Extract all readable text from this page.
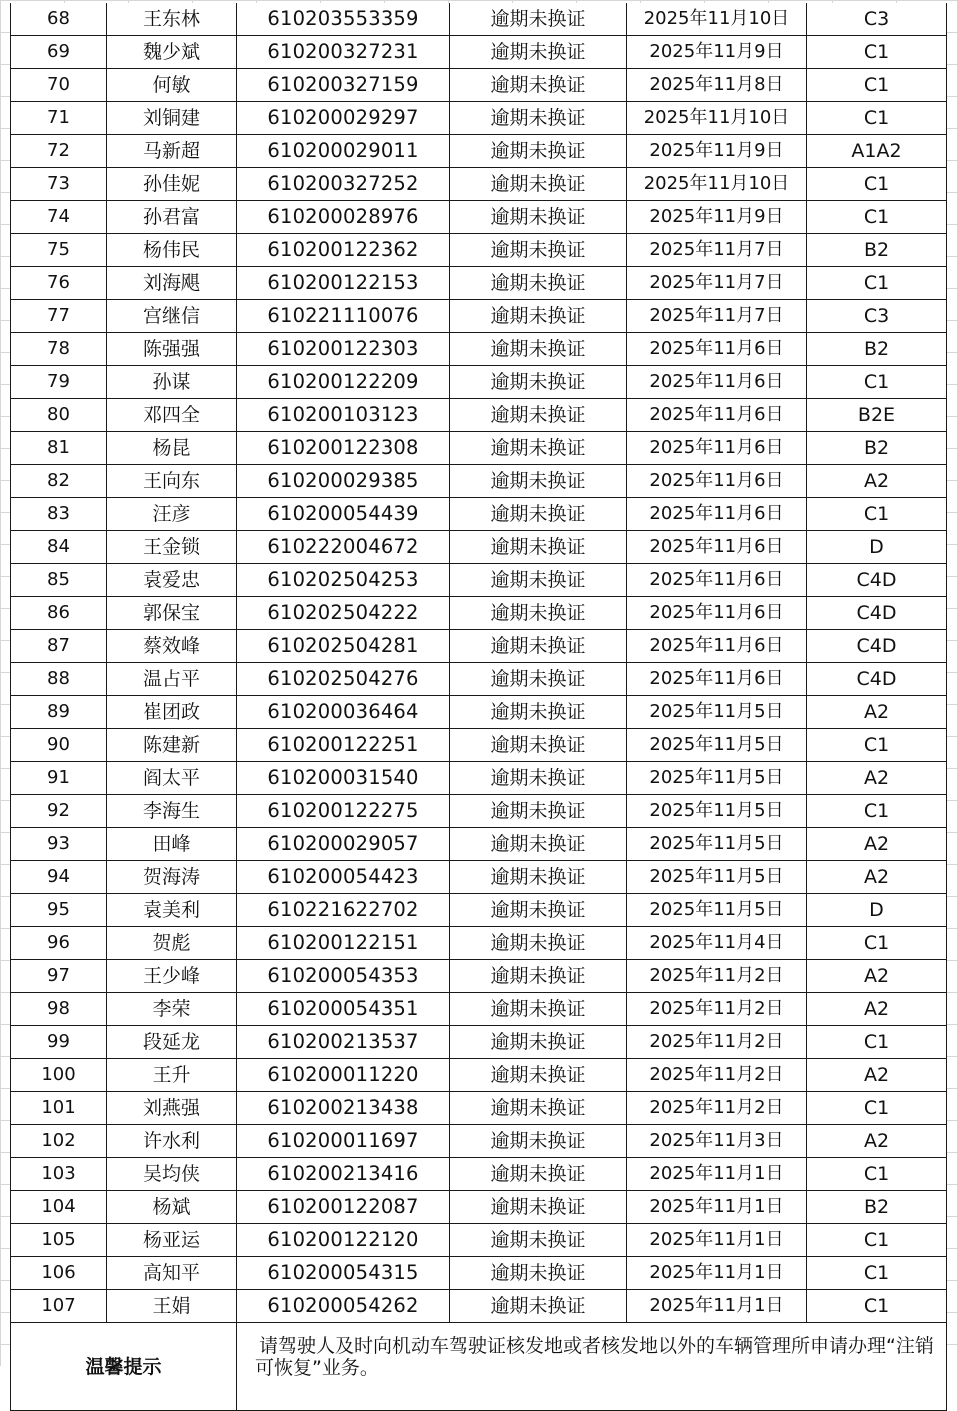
68	王东林	610203553359	逾期未换证	2025年11月10日	C3
69	魏少斌	610200327231	逾期未换证	2025年11月9日	C1
70	何敏	610200327159	逾期未换证	2025年11月8日	C1
71	刘铜建	610200029297	逾期未换证	2025年11月10日	C1
72	马新超	610200029011	逾期未换证	2025年11月9日	A1A2
73	孙佳妮	610200327252	逾期未换证	2025年11月10日	C1
74	孙君富	610200028976	逾期未换证	2025年11月9日	C1
75	杨伟民	610200122362	逾期未换证	2025年11月7日	B2
76	刘海飓	610200122153	逾期未换证	2025年11月7日	C1
77	宫继信	610221110076	逾期未换证	2025年11月7日	C3
78	陈强强	610200122303	逾期未换证	2025年11月6日	B2
79	孙谋	610200122209	逾期未换证	2025年11月6日	C1
80	邓四全	610200103123	逾期未换证	2025年11月6日	B2E
81	杨昆	610200122308	逾期未换证	2025年11月6日	B2
82	王向东	610200029385	逾期未换证	2025年11月6日	A2
83	汪彦	610200054439	逾期未换证	2025年11月6日	C1
84	王金锁	610222004672	逾期未换证	2025年11月6日	D
85	袁爱忠	610202504253	逾期未换证	2025年11月6日	C4D
86	郭保宝	610202504222	逾期未换证	2025年11月6日	C4D
87	蔡效峰	610202504281	逾期未换证	2025年11月6日	C4D
88	温占平	610202504276	逾期未换证	2025年11月6日	C4D
89	崔团政	610200036464	逾期未换证	2025年11月5日	A2
90	陈建新	610200122251	逾期未换证	2025年11月5日	C1
91	阎太平	610200031540	逾期未换证	2025年11月5日	A2
92	李海生	610200122275	逾期未换证	2025年11月5日	C1
93	田峰	610200029057	逾期未换证	2025年11月5日	A2
94	贺海涛	610200054423	逾期未换证	2025年11月5日	A2
95	袁美利	610221622702	逾期未换证	2025年11月5日	D
96	贺彪	610200122151	逾期未换证	2025年11月4日	C1
97	王少峰	610200054353	逾期未换证	2025年11月2日	A2
98	李荣	610200054351	逾期未换证	2025年11月2日	A2
99	段延龙	610200213537	逾期未换证	2025年11月2日	C1
100	王升	610200011220	逾期未换证	2025年11月2日	A2
101	刘燕强	610200213438	逾期未换证	2025年11月2日	C1
102	许水利	610200011697	逾期未换证	2025年11月3日	A2
103	吴均侠	610200213416	逾期未换证	2025年11月1日	C1
104	杨斌	610200122087	逾期未换证	2025年11月1日	B2
105	杨亚运	610200122120	逾期未换证	2025年11月1日	C1
106	高知平	610200054315	逾期未换证	2025年11月1日	C1
107	王娟	610200054262	逾期未换证	2025年11月1日	C1
温馨提示		请驾驶人及时向机动车驾驶证核发地或者核发地以外的车辆管理所申请办理“注销可恢复”业务。			
